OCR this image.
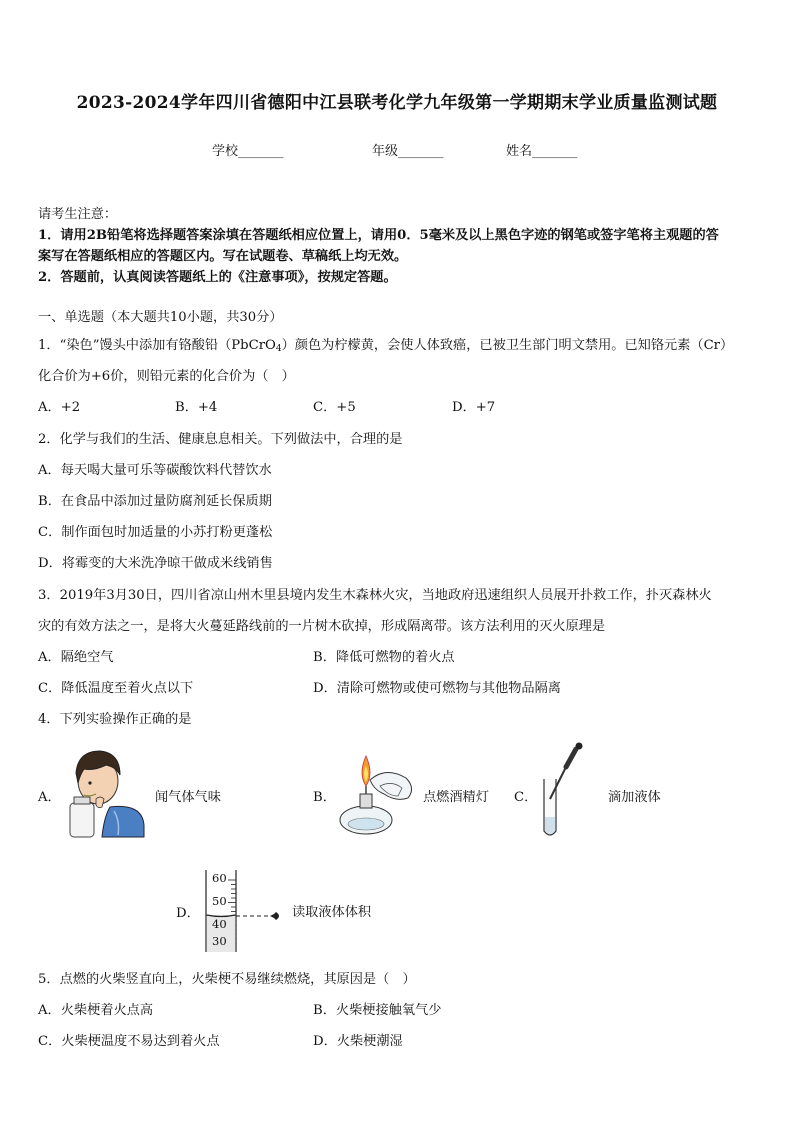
2023-2024学年四川省德阳中江县联考化学九年级第一学期期末学业质量监测试题
学校_______	年级_______	姓名_______
请考生注意：
1．请用2B铅笔将选择题答案涂填在答题纸相应位置上，请用0．5毫米及以上黑色字迹的钢笔或签字笔将主观题的答
案写在答题纸相应的答题区内。写在试题卷、草稿纸上均无效。
2．答题前，认真阅读答题纸上的《注意事项》，按规定答题。
一、单选题（本大题共10小题，共30分）
1．“染色”馒头中添加有铬酸铅（PbCrO$_4$）颜色为柠檬黄，会使人体致癌，已被卫生部门明文禁用。已知铬元素（Cr）
化合价为+6价，则铅元素的化合价为（　）
A．+2	B．+4	C．+5	D．+7
2．化学与我们的生活、健康息息相关。下列做法中，合理的是
A．每天喝大量可乐等碳酸饮料代替饮水
B．在食品中添加过量防腐剂延长保质期
C．制作面包时加适量的小苏打粉更蓬松
D．将霉变的大米洗净晾干做成米线销售
3．2019年3月30日，四川省凉山州木里县境内发生木森林火灾，当地政府迅速组织人员展开扑救工作，扑灭森林火
灾的有效方法之一，是将大火蔓延路线前的一片树木砍掉，形成隔离带。该方法利用的灭火原理是
A．隔绝空气	B．降低可燃物的着火点
C．降低温度至着火点以下	D．清除可燃物或使可燃物与其他物品隔离
4．下列实验操作正确的是
A．	闻气体气味	B．	点燃酒精灯 C．	滴加液体
D．
60
50
40
30
读取液体体积
5．点燃的火柴竖直向上，火柴梗不易继续燃烧，其原因是（　）
A．火柴梗着火点高	B．火柴梗接触氧气少
C．火柴梗温度不易达到着火点	D．火柴梗潮湿
